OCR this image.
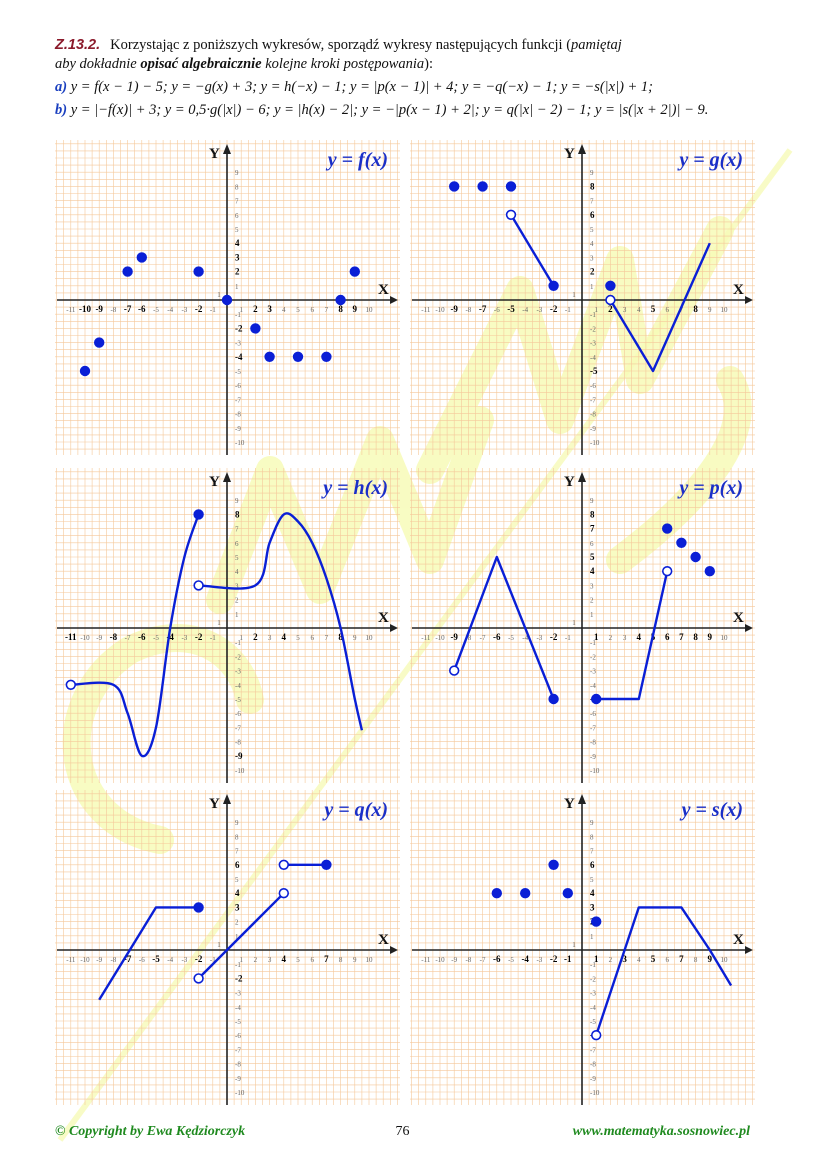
Z.13.2. Korzystając z poniższych wykresów, sporządź wykresy następujących funkcji (pamiętaj
aby dokładnie opisać algebraicznie kolejne kroki postępowania):
a) y = f(x − 1) − 5; y = −g(x) + 3; y = h(−x) − 1; y = |p(x − 1)| + 4; y = −q(−x) − 1; y = −s(|x|) + 1;
b) y = |−f(x)| + 3; y = 0,5·g(|x|) − 6; y = |h(x) − 2|; y = −|p(x − 1) + 2|; y = q(|x| − 2) − 1; y = |s(|x + 2|)| − 9.
X
Y	y = f(x)
-11 -10 -9 -8 -7 -6 -5 -4 -3 -2 -1	1 2 3 4 5 6 7 8 9 10
-10
-9
-8
-7
-6
-5
-4
-3
-2
-1
1
2
3
4
5
6
7
8
9
1	X
Y	y = g(x)
-11 -10 -9 -8 -7 -6 -5 -4 -3 -2 -1	1 2 3 4 5 6 7 8 9 10
-10
-9
-8
-7
-6
-5
-4
-3
-2
-1
1
2
3
4
5
6
7
8
9
1
X
Y	y = h(x)
-11 -10 -9 -8 -7 -6 -5 -4 -3 -2 -1	1 2 3 4 5 6 7 8 9 10
-10
-9
-8
-7
-6
-5
-4
-3
-2
-1
1
2
3
4
5
6
7
8
9
1	X
Y	y = p(x)
-11 -10 -9 -8 -7 -6 -5 -4 -3 -2 -1	1 2 3 4 5 6 7 8 9 10
-10
-9
-8
-7
-6
-4
-3
-2
-1
1
2
3
4
5
6
7
8
9
1
X
Y	y = q(x)
-11 -10 -9 -8 -7 -6 -5 -4 -3 -2 -1	1 2 3 4 5 6 7 8 9 10
-10
-9
-8
-7
-6
-5
-4
-3
-2
-1
1
2
3
4
5
6
7
8
9
1	X
Y	y = s(x)
-11 -10 -9 -8 -7 -6 -5 -4 -3 -2 -1 1 2 3 4 5 6 7 8 9 10
-10
-9
-8
-7
-5
-4
-3
-2
-1
1
3
4
5
6
7
8
9
1
© Copyright by Ewa Kędziorczyk	76	www.matematyka.sosnowiec.pl
